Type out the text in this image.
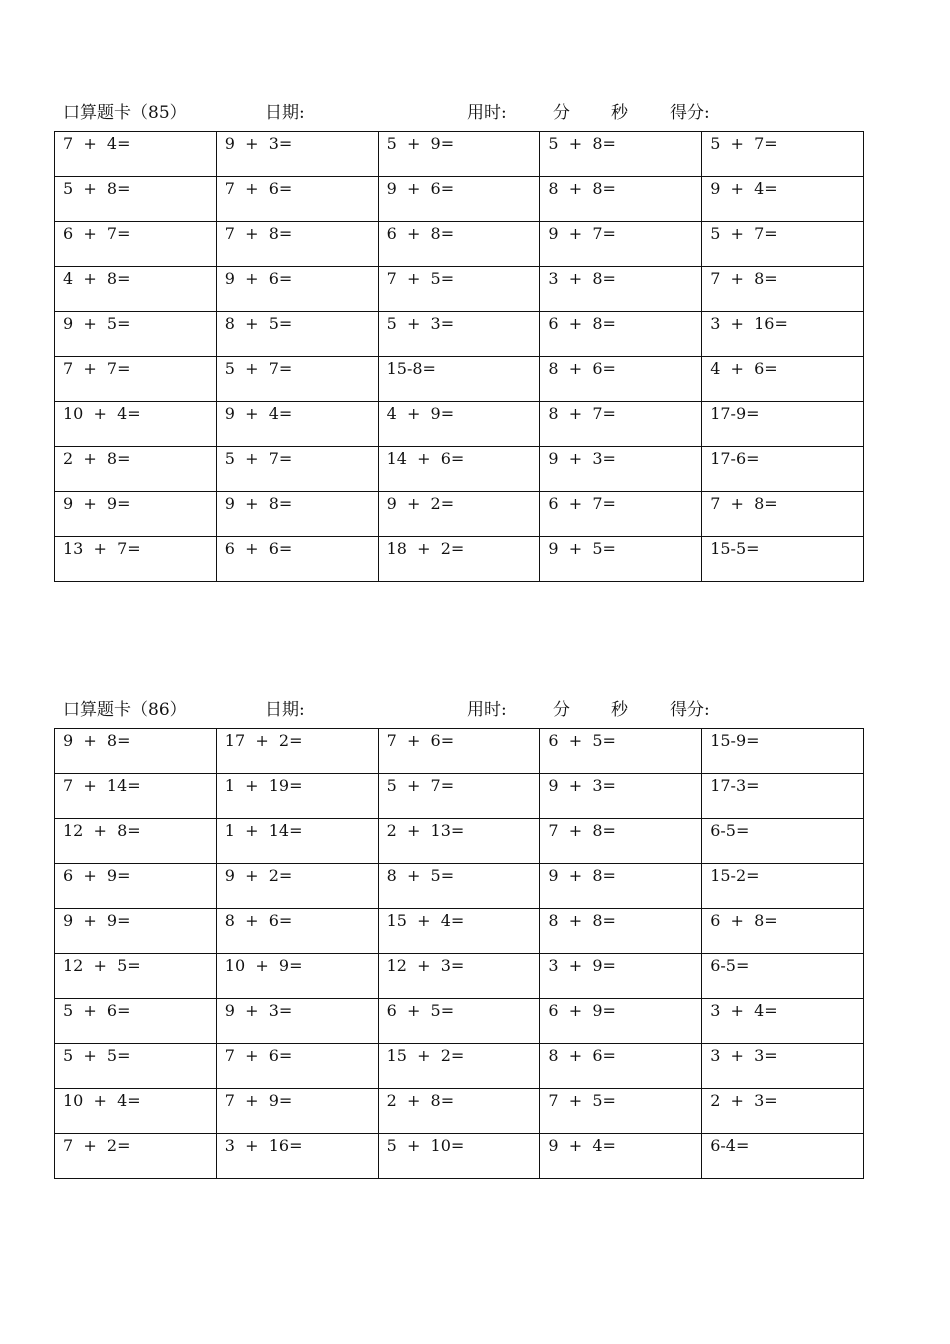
口算题卡（85）	日期:	用时:	分 秒 得分:
7  +  4=	9  +  3=	5  +  9=	5  +  8=	5  +  7=
5  +  8=	7  +  6=	9  +  6=	8  +  8=	9  +  4=
6  +  7=	7  +  8=	6  +  8=	9  +  7=	5  +  7=
4  +  8=	9  +  6=	7  +  5=	3  +  8=	7  +  8=
9  +  5=	8  +  5=	5  +  3=	6  +  8=	3  +  16=
7  +  7=	5  +  7=	15-8=	8  +  6=	4  +  6=
10  +  4=	9  +  4=	4  +  9=	8  +  7=	17-9=
2  +  8=	5  +  7=	14  +  6=	9  +  3=	17-6=
9  +  9=	9  +  8=	9  +  2=	6  +  7=	7  +  8=
13  +  7=	6  +  6=	18  +  2=	9  +  5=	15-5=
口算题卡（86）	日期:	用时:	分 秒 得分:
9  +  8=	17  +  2=	7  +  6=	6  +  5=	15-9=
7  +  14=	1  +  19=	5  +  7=	9  +  3=	17-3=
12  +  8=	1  +  14=	2  +  13=	7  +  8=	6-5=
6  +  9=	9  +  2=	8  +  5=	9  +  8=	15-2=
9  +  9=	8  +  6=	15  +  4=	8  +  8=	6  +  8=
12  +  5=	10  +  9=	12  +  3=	3  +  9=	6-5=
5  +  6=	9  +  3=	6  +  5=	6  +  9=	3  +  4=
5  +  5=	7  +  6=	15  +  2=	8  +  6=	3  +  3=
10  +  4=	7  +  9=	2  +  8=	7  +  5=	2  +  3=
7  +  2=	3  +  16=	5  +  10=	9  +  4=	6-4=
